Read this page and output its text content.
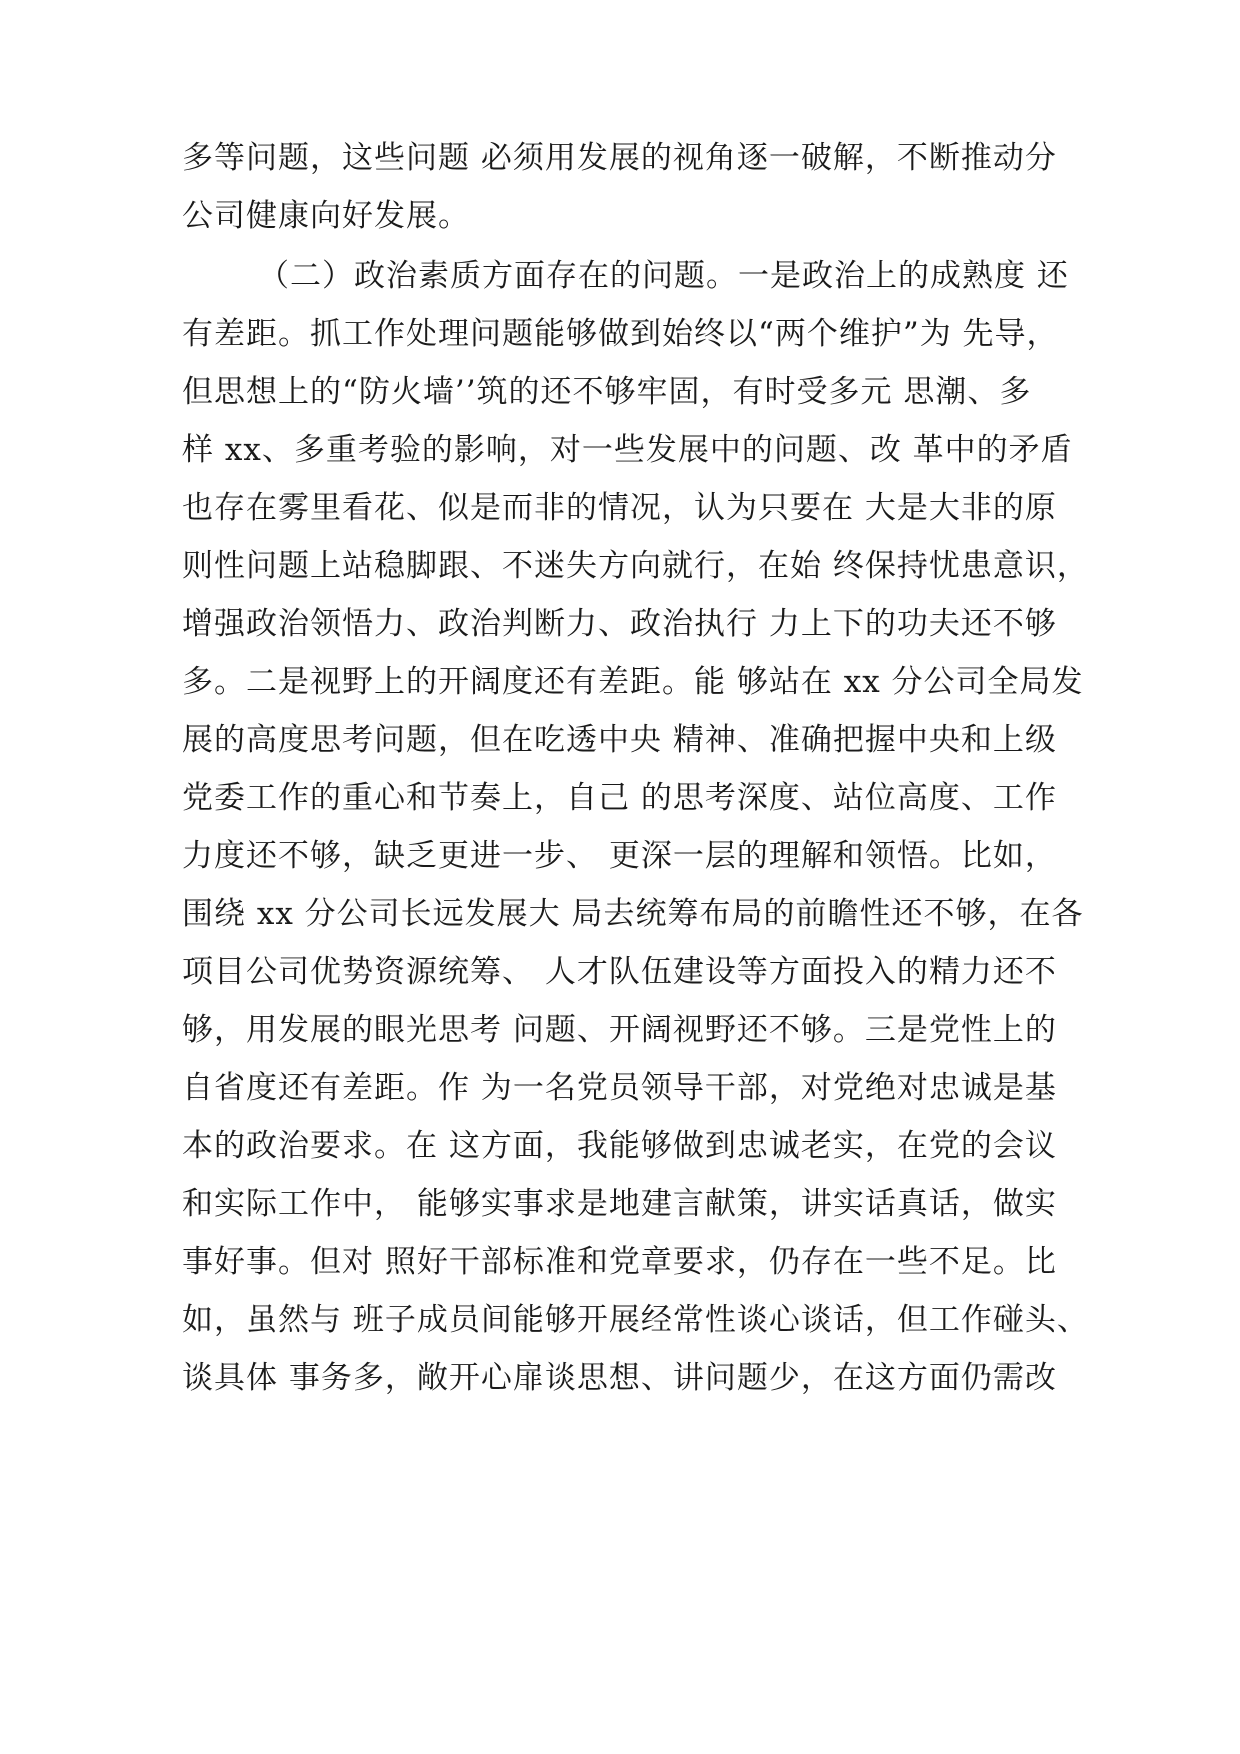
多等问题，这些问题 必须用发展的视角逐一破解，不断推动分
公司健康向好发展。
（二）政治素质方面存在的问题。一是政治上的成熟度 还
有差距。抓工作处理问题能够做到始终以“两个维护”为 先导，
但思想上的“防火墙’’筑的还不够牢固，有时受多元 思潮、多
样 xx、多重考验的影响，对一些发展中的问题、改 革中的矛盾
也存在雾里看花、似是而非的情况，认为只要在 大是大非的原
则性问题上站稳脚跟、不迷失方向就行，在始 终保持忧患意识，
增强政治领悟力、政治判断力、政治执行 力上下的功夫还不够
多。二是视野上的开阔度还有差距。能 够站在 xx 分公司全局发
展的高度思考问题，但在吃透中央 精神、准确把握中央和上级
党委工作的重心和节奏上，自己 的思考深度、站位高度、工作
力度还不够，缺乏更进一步、 更深一层的理解和领悟。比如，
围绕 xx 分公司长远发展大 局去统筹布局的前瞻性还不够，在各
项目公司优势资源统筹、 人才队伍建设等方面投入的精力还不
够，用发展的眼光思考 问题、开阔视野还不够。三是党性上的
自省度还有差距。作 为一名党员领导干部，对党绝对忠诚是基
本的政治要求。在 这方面，我能够做到忠诚老实，在党的会议
和实际工作中， 能够实事求是地建言献策，讲实话真话，做实
事好事。但对 照好干部标准和党章要求，仍存在一些不足。比
如，虽然与 班子成员间能够开展经常性谈心谈话，但工作碰头、
谈具体 事务多，敞开心扉谈思想、讲问题少，在这方面仍需改
